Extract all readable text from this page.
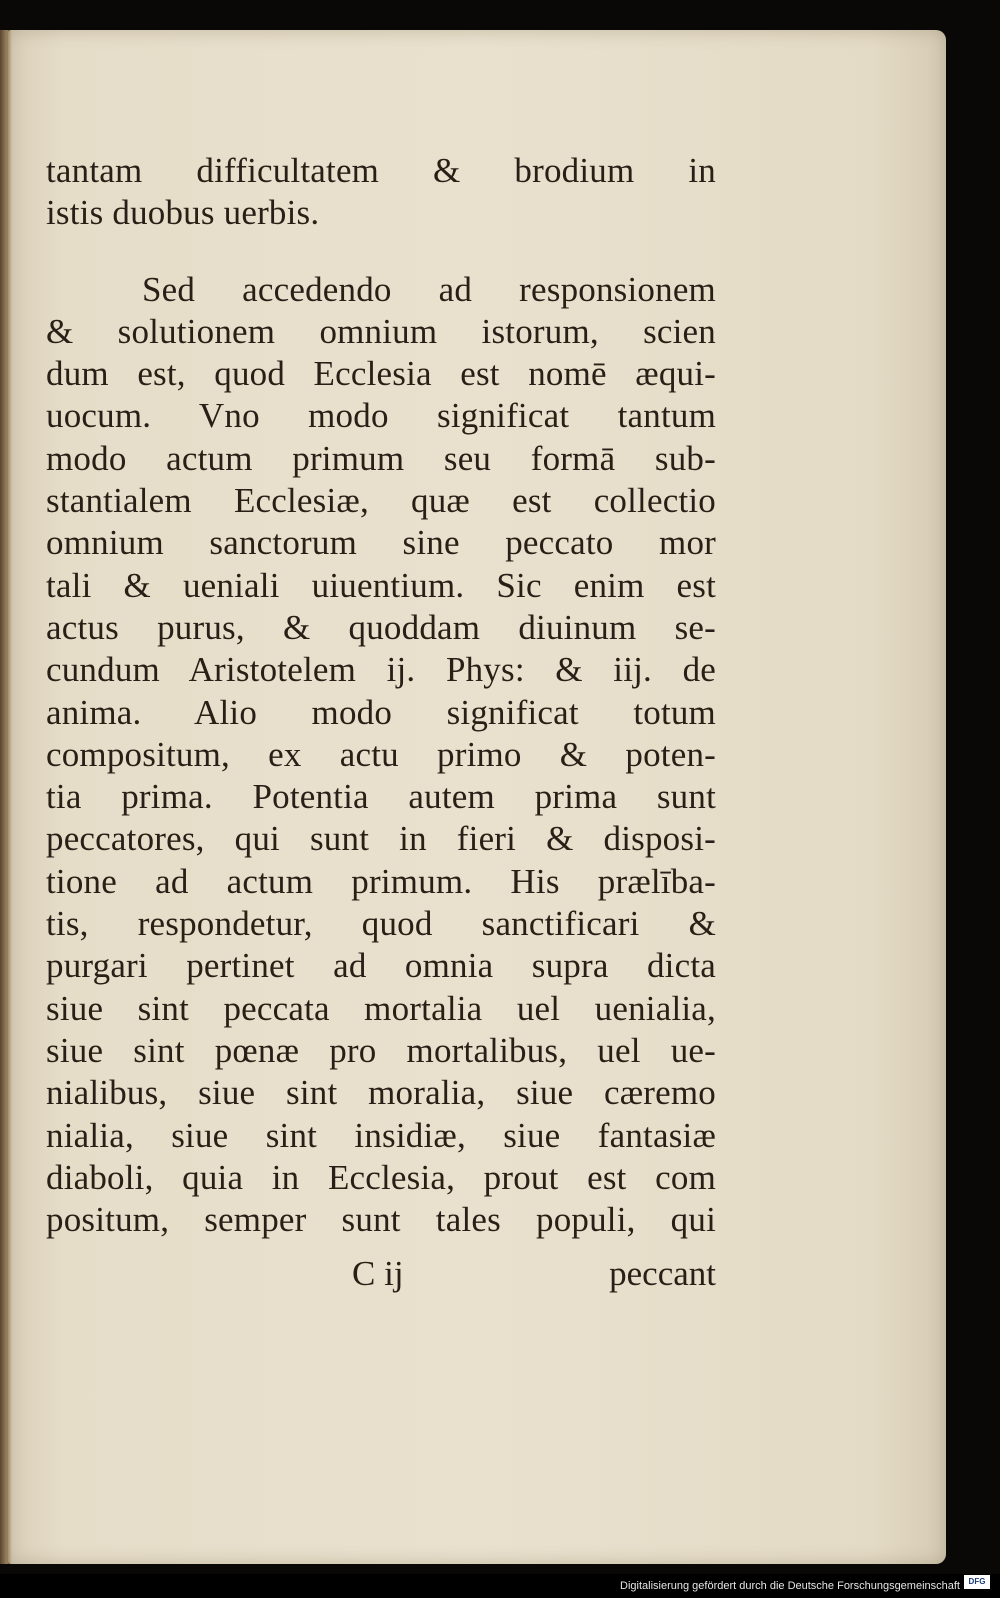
tantam difficultatem & brodium in
istis duobus uerbis.
Sed accedendo ad responsionem
& solutionem omnium istorum, scien
dum est, quod Ecclesia est nomē æqui-
uocum. Vno modo significat tantum
modo actum primum seu formā sub-
stantialem Ecclesiæ, quæ est collectio
omnium sanctorum sine peccato mor
tali & ueniali uiuentium. Sic enim est
actus purus, & quoddam diuinum se-
cundum Aristotelem ij. Phys: & iij. de
anima. Alio modo significat totum
compositum, ex actu primo & poten-
tia prima. Potentia autem prima sunt
peccatores, qui sunt in fieri & disposi-
tione ad actum primum. His prælība-
tis, respondetur, quod sanctificari &
purgari pertinet ad omnia supra dicta
siue sint peccata mortalia uel uenialia,
siue sint pœnæ pro mortalibus, uel ue-
nialibus, siue sint moralia, siue cæremo
nialia, siue sint insidiæ, siue fantasiæ
diaboli, quia in Ecclesia, prout est com
positum, semper sunt tales populi, qui
C ij	peccant
Digitalisierung gefördert durch die Deutsche Forschungsgemeinschaft	DFG
